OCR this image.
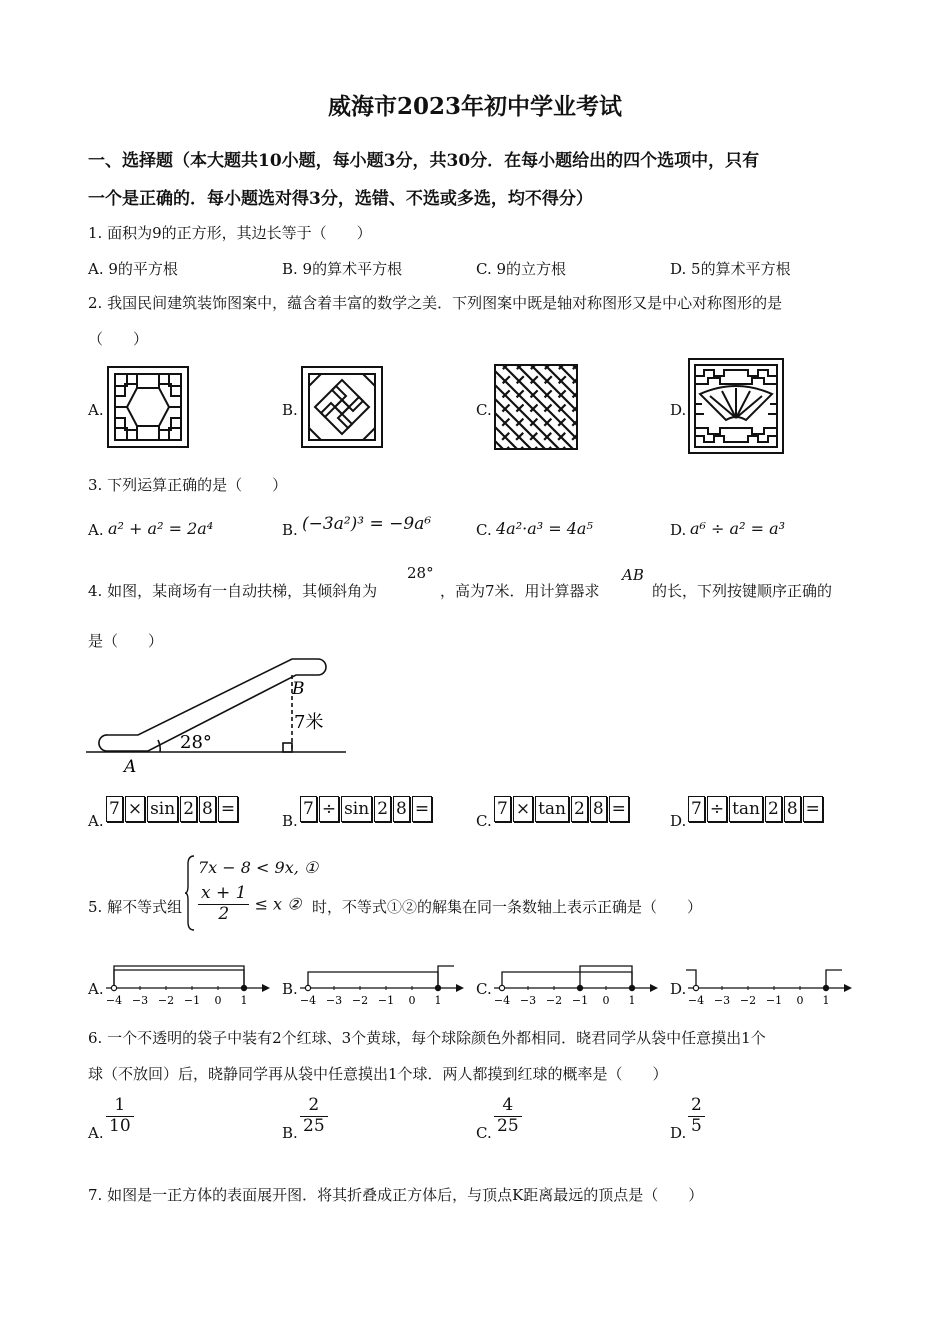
威海市2023年初中学业考试
一、选择题（本大题共10小题，每小题3分，共30分．在每小题给出的四个选项中，只有
一个是正确的．每小题选对得3分，选错、不选或多选，均不得分）
1. 面积为9的正方形，其边长等于（　　）
A. 9的平方根	B. 9的算术平方根	C. 9的立方根	D. 5的算术平方根
2. 我国民间建筑装饰图案中，蕴含着丰富的数学之美．下列图案中既是轴对称图形又是中心对称图形的是
（　　）
A.	B.	C.	D.
3. 下列运算正确的是（　　）
A. a² + a² = 2a⁴	B. (−3a²)³ = −9a⁶	C. 4a²·a³ = 4a⁵	D. a⁶ ÷ a² = a³
4. 如图，某商场有一自动扶梯，其倾斜角为
28°
，高为7米．用计算器求
AB
的长，下列按键顺序正确的
是（　　）
B
7米
28°
A
A.
7 × sin 2 8 =
B.
7 ÷ sin 2 8 =
C.
7 × tan 2 8 =
D.
7 ÷ tan 2 8 =
5. 解不等式组
7x − 8 < 9x, ①
$\frac{x + 1}{2} \le x$ ② 时，不等式①②的解集在同一条数轴上表示正确是（　　）
A.
−4 −3 −2 −1 0 1
B.
−4 −3 −2 −1 0 1
C.
−4 −3 −2 −1 0 1
D.
−4 −3 −2 −1 0 1
6. 一个不透明的袋子中装有2个红球、3个黄球，每个球除颜色外都相同．晓君同学从袋中任意摸出1个
球（不放回）后，晓静同学再从袋中任意摸出1个球．两人都摸到红球的概率是（　　）
A. $\frac{1}{10}$	B. $\frac{2}{25}$	C. $\frac{4}{25}$	D. $\frac{2}{5}$
7. 如图是一正方体的表面展开图．将其折叠成正方体后，与顶点K距离最远的顶点是（　　）
